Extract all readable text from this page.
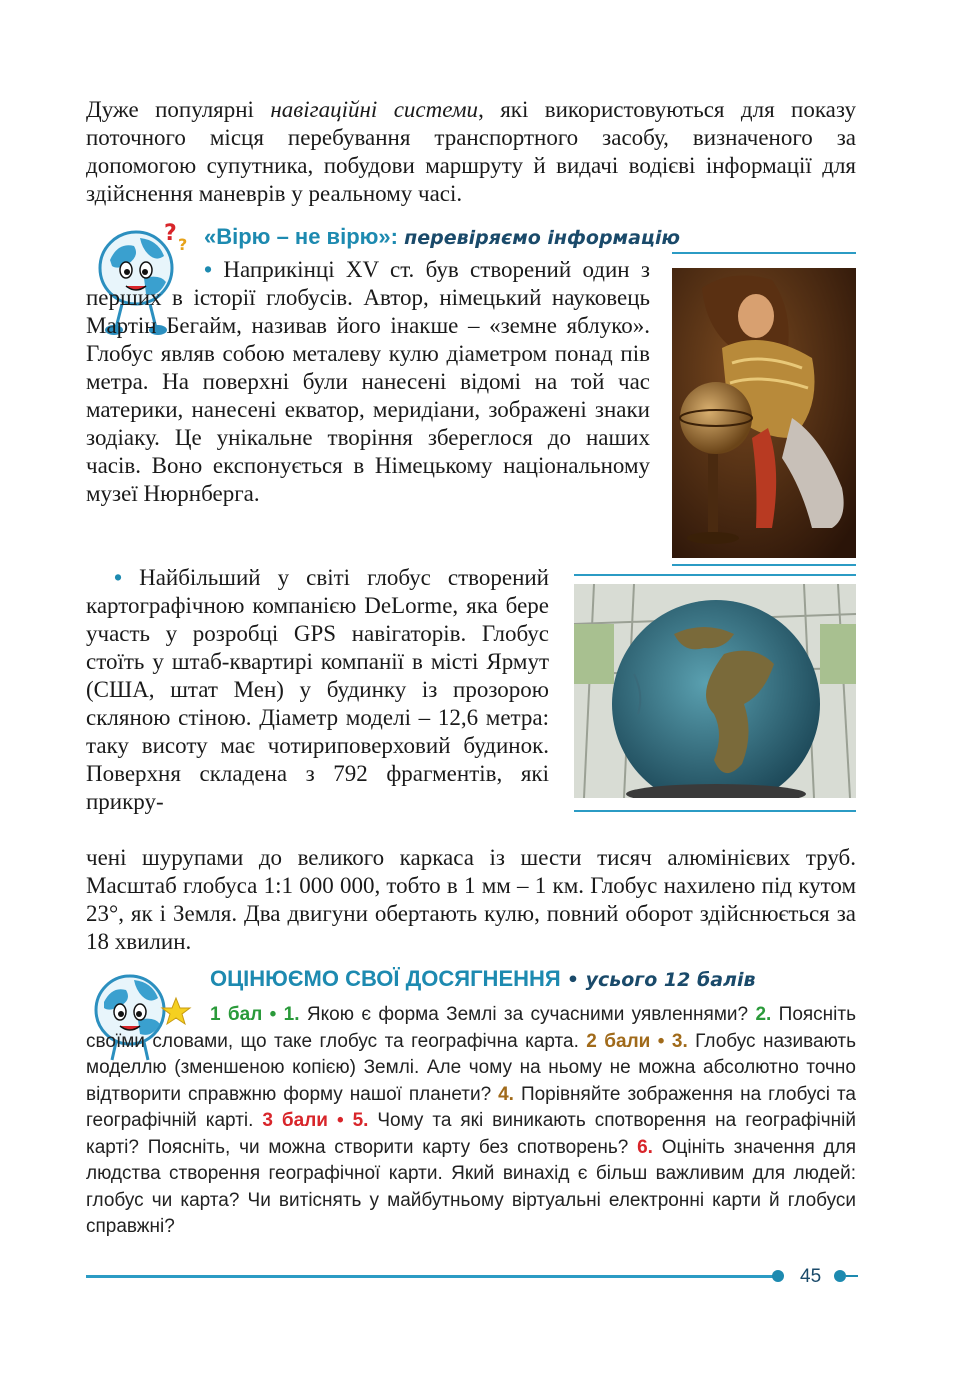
Дуже популярні навігаційні системи, які використовуються для показу поточного місця перебування транспортного засобу, визначеного за допомогою супутника, побудови маршруту й видачі водієві інформації для здійснення маневрів у реальному часі.

? ? «Вірю – не вірю»: перевіряємо інформацію
• Наприкінці XV ст. був створений один з перших в історії глобусів. Автор, німецький науковець Мартін Бегайм, називав його інакше – «земне яблуко». Глобус являв собою металеву кулю діаметром понад пів метра. На поверхні були нанесені відомі на той час материки, нанесені екватор, меридіани, зображені знаки зодіаку. Це унікальне творіння збереглося до наших часів. Воно експонується в Німецькому національному музеї Нюрнберга.
• Найбільший у світі глобус створений картографічною компанією DeLorme, яка бере участь у розробці GPS навігаторів. Глобус стоїть у штаб-квартирі компанії в місті Ярмут (США, штат Мен) у будинку із прозорою скляною стіною. Діаметр моделі – 12,6 метра: таку висоту має чотириповерховий будинок. Поверхня складена з 792 фрагментів, які прикру-
чені шурупами до великого каркаса із шести тисяч алюмінієвих труб. Масштаб глобуса 1:1 000 000, тобто в 1 мм – 1 км. Глобус нахилено під кутом 23°, як і Земля. Два двигуни обертають кулю, повний оборот здійснюється за 18 хвилин.
ОЦІНЮЄМО СВОЇ ДОСЯГНЕННЯ • усього 12 балів
1 бал • 1. Якою є форма Землі за сучасними уявленнями? 2. Поясніть своїми словами, що таке глобус та географічна карта. 2 бали • 3. Глобус називають моделлю (зменшеною копією) Землі. Але чому на ньому не можна абсолютно точно відтворити справжню форму нашої планети? 4. Порівняйте зображення на глобусі та географічній карті. 3 бали • 5. Чому та які виникають спотворення на географічній карті? Поясніть, чи можна створити карту без спотворень? 6. Оцініть значення для людства створення географічної карти. Який винахід є більш важливим для людей: глобус чи карта? Чи витіснять у майбутньому віртуальні електронні карти й глобуси справжні?
45
